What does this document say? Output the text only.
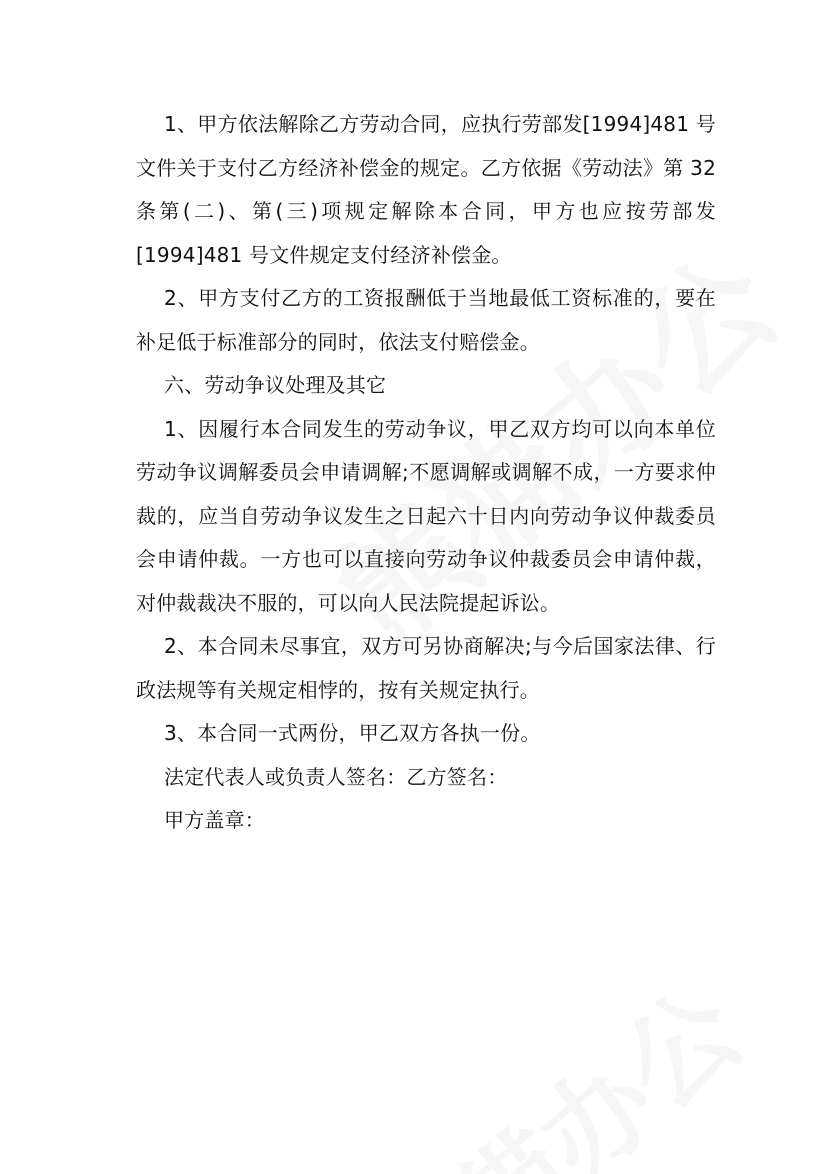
1、甲方依法解除乙方劳动合同，应执行劳部发[1994]481 号文件关于支付乙方经济补偿金的规定。乙方依据《劳动法》第 32 条第(二)、第(三)项规定解除本合同，甲方也应按劳部发[1994]481 号文件规定支付经济补偿金。

2、甲方支付乙方的工资报酬低于当地最低工资标准的，要在补足低于标准部分的同时，依法支付赔偿金。

六、劳动争议处理及其它

1、因履行本合同发生的劳动争议，甲乙双方均可以向本单位劳动争议调解委员会申请调解;不愿调解或调解不成，一方要求仲裁的，应当自劳动争议发生之日起六十日内向劳动争议仲裁委员会申请仲裁。一方也可以直接向劳动争议仲裁委员会申请仲裁，对仲裁裁决不服的，可以向人民法院提起诉讼。

2、本合同未尽事宜，双方可另协商解决;与今后国家法律、行政法规等有关规定相悖的，按有关规定执行。

3、本合同一式两份，甲乙双方各执一份。

法定代表人或负责人签名：乙方签名：

甲方盖章：
